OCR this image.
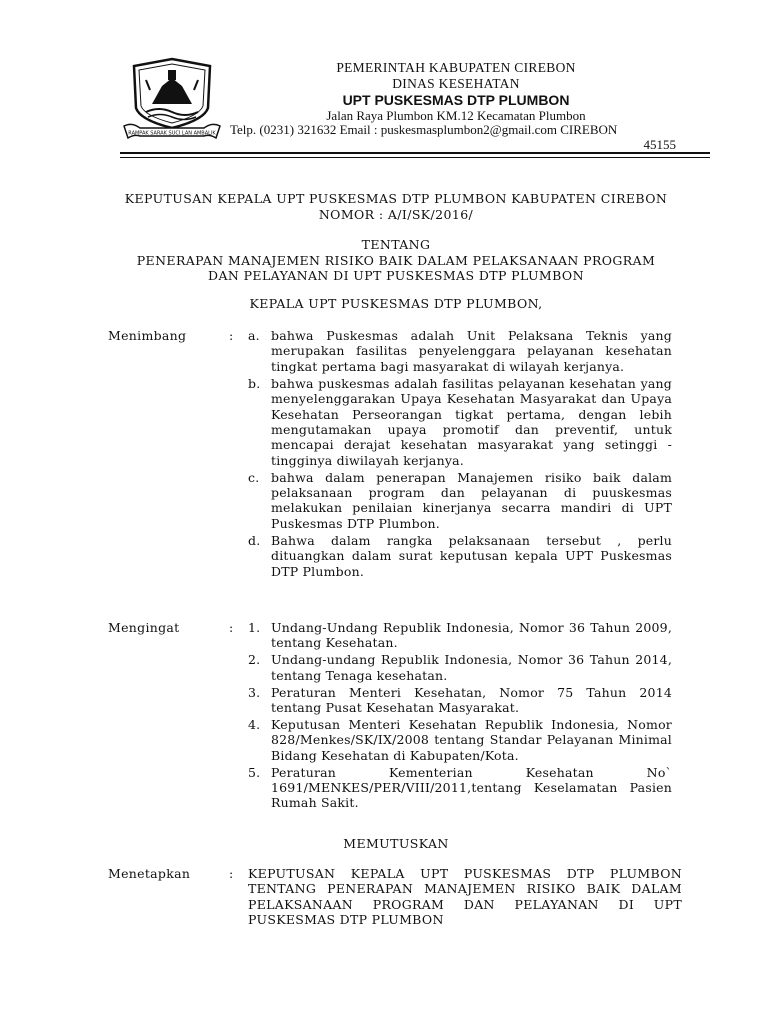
RAMPAK SARAK SUCI LAN AMBALIK
PEMERINTAH KABUPATEN CIREBON
DINAS KESEHATAN
UPT PUSKESMAS DTP PLUMBON
Jalan Raya Plumbon KM.12 Kecamatan Plumbon
Telp. (0231) 321632 Email : puskesmasplumbon2@gmail.com CIREBON
45155
KEPUTUSAN KEPALA UPT PUSKESMAS DTP PLUMBON KABUPATEN CIREBON
NOMOR : A/I/SK/2016/
TENTANG
PENERAPAN MANAJEMEN RISIKO BAIK DALAM PELAKSANAAN PROGRAM
DAN PELAYANAN DI UPT PUSKESMAS DTP PLUMBON
KEPALA UPT PUSKESMAS DTP PLUMBON,
Menimbang	: a. bahwa Puskesmas adalah Unit Pelaksana Teknis yang merupakan fasilitas penyelenggara pelayanan kesehatan tingkat pertama bagi masyarakat di wilayah kerjanya.
b. bahwa puskesmas adalah fasilitas pelayanan kesehatan yang menyelenggarakan Upaya Kesehatan Masyarakat dan Upaya Kesehatan Perseorangan tigkat pertama, dengan lebih mengutamakan upaya promotif dan preventif, untuk mencapai derajat kesehatan masyarakat yang setinggi - tingginya diwilayah kerjanya.
c. bahwa dalam penerapan Manajemen risiko baik dalam pelaksanaan program dan pelayanan di puuskesmas melakukan penilaian kinerjanya secarra mandiri di UPT Puskesmas DTP Plumbon.
d. Bahwa dalam rangka pelaksanaan tersebut , perlu dituangkan dalam surat keputusan kepala UPT Puskesmas DTP Plumbon.
Mengingat	: 1. Undang-Undang Republik Indonesia, Nomor 36 Tahun 2009, tentang Kesehatan.
2. Undang-undang Republik Indonesia, Nomor 36 Tahun 2014, tentang Tenaga kesehatan.
3. Peraturan Menteri Kesehatan, Nomor 75 Tahun 2014 tentang Pusat Kesehatan Masyarakat.
4. Keputusan Menteri Kesehatan Republik Indonesia, Nomor 828/Menkes/SK/IX/2008 tentang Standar Pelayanan Minimal Bidang Kesehatan di Kabupaten/Kota.
5. Peraturan Kementerian Kesehatan No` 1691/MENKES/PER/VIII/2011,tentang Keselamatan Pasien Rumah Sakit.
MEMUTUSKAN
Menetapkan	: KEPUTUSAN KEPALA UPT PUSKESMAS DTP PLUMBON TENTANG PENERAPAN MANAJEMEN RISIKO BAIK DALAM PELAKSANAAN PROGRAM DAN PELAYANAN DI UPT PUSKESMAS DTP PLUMBON
